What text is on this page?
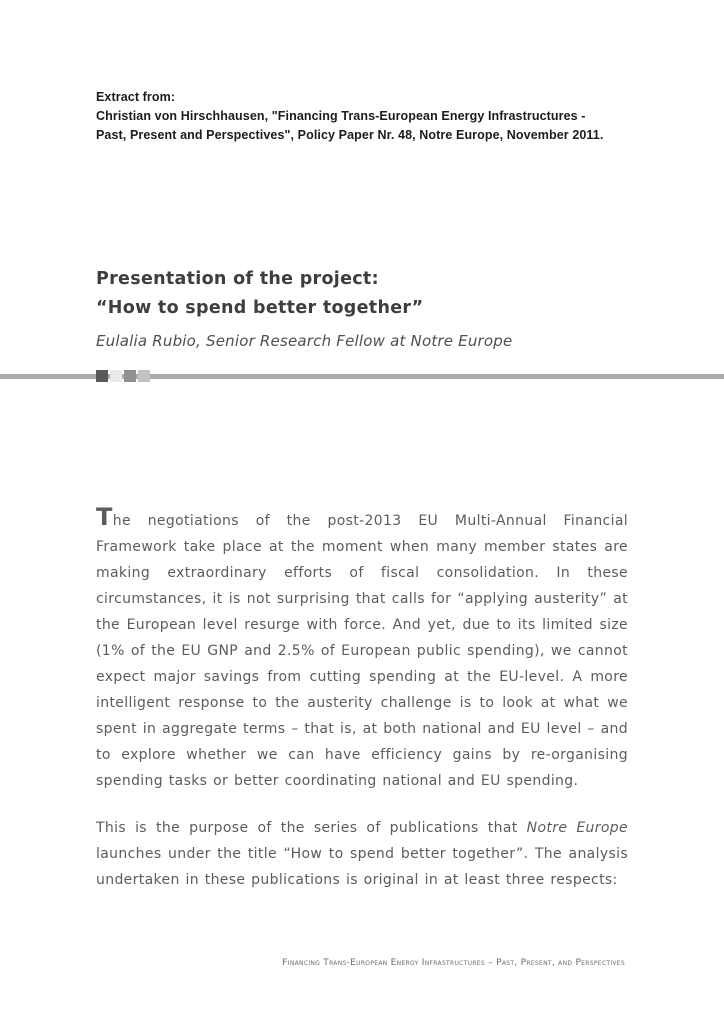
Extract from:
Christian von Hirschhausen, "Financing Trans-European Energy Infrastructures -
Past, Present and Perspectives", Policy Paper Nr. 48, Notre Europe, November 2011.
Presentation of the project:
“How to spend better together”
Eulalia Rubio, Senior Research Fellow at Notre Europe

The negotiations of the post-2013 EU Multi-Annual Financial Framework take place at the moment when many member states are making extraordinary efforts of fiscal consolidation. In these circumstances, it is not surprising that calls for “applying austerity” at the European level resurge with force. And yet, due to its limited size (1% of the EU GNP and 2.5% of European public spending), we cannot expect major savings from cutting spending at the EU-level. A more intelligent response to the austerity challenge is to look at what we spent in aggregate terms – that is, at both national and EU level – and to explore whether we can have efficiency gains by re-organising spending tasks or better coordinating national and EU spending.

This is the purpose of the series of publications that Notre Europe launches under the title “How to spend better together”. The analysis undertaken in these publications is original in at least three respects:

Financing Trans-European Energy Infrastructures – Past, Present, and Perspectives
